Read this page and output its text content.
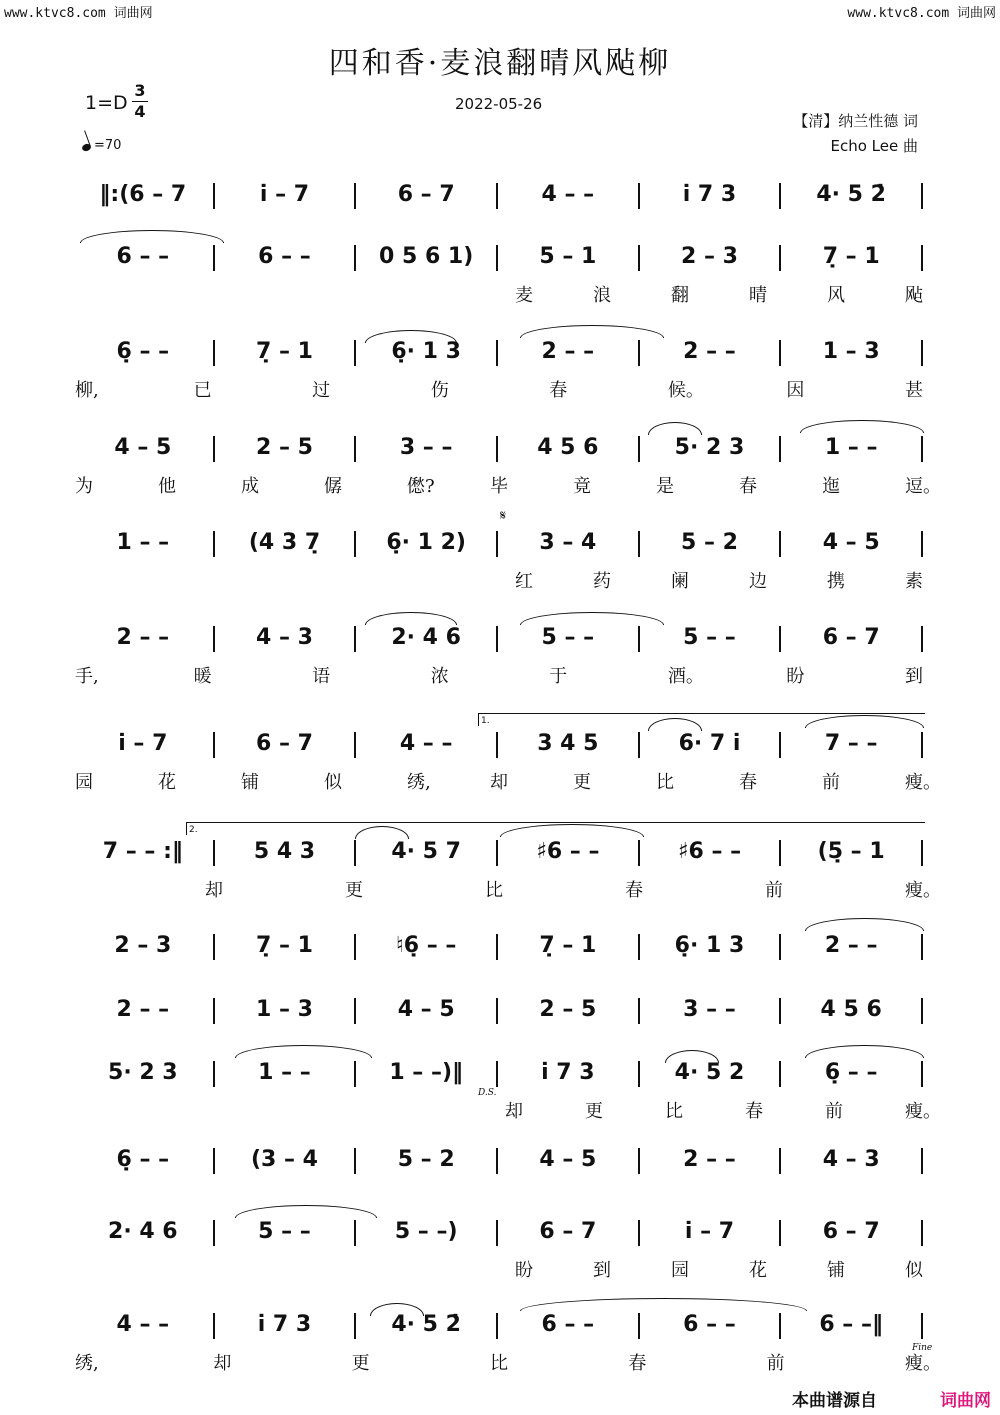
www.ktvc8.com 词曲网	www.ktvc8.com 词曲网
四和香·麦浪翻晴风飐柳
1=D
3
4
=70
2022-05-26
【清】纳兰性德 词
Echo Lee 曲
‖:(6 – 7	i̇ – 7	6 – 7	4 – –	i̇ 7 3	4· 5 2̇
6 – –	6 – –	0 5 6 1)	5 – 1	2 – 3	7̣ – 1
麦	浪	翻	晴	风	飐
6̣ – –	7̣ – 1	6̣· 1 3	2 – –	2 – –	1 – 3
柳,	已	过	伤	春	候。	因	甚
4 – 5	2 – 5	3 – –	4 5 6	5· 2 3	1 – –
为	他	成	僝	僽?	毕	竟	是	春	迤	逗。
1 – –	(4 3 7̣	6̣· 1 2)	3 – 4	5 – 2	4 – 5
红	药	阑	边	携	素
2 – –	4 – 3	2· 4 6	5 – –	5 – –	6 – 7
手,	暖	语	浓	于	酒。	盼	到
i̇ – 7	6 – 7	4 – –	3 4 5	6· 7 i̇	7 – –
园	花	铺	似	绣,	却	更	比	春	前	瘦。
7 – – :‖	5 4 3	4· 5 7	♯6 – –	♯6 – –	(5̣ – 1
却	更	比	春	前	瘦。
2 – 3	7̣ – 1	♮6̣ – –	7̣ – 1	6̣· 1 3	2 – –
2 – –	1 – 3	4 – 5	2 – 5	3 – –	4 5 6
5· 2 3	1 – –	1 – –)‖	i̇ 7 3	4· 5 2	6̣ – –
却	更	比	春	前	瘦。
6̣ – –	(3 – 4	5 – 2	4 – 5	2 – –	4 – 3
2· 4 6	5 – –	5 – –)	6 – 7	i̇ – 7	6 – 7
盼	到	园	花	铺	似
4 – –	i̇ 7 3	4· 5 2̇	6 – –	6 – –	6 – –‖
绣,	却	更	比	春	前	瘦。
𝄋
D.S.
Fine
1.
2.
本曲谱源自	词曲网
